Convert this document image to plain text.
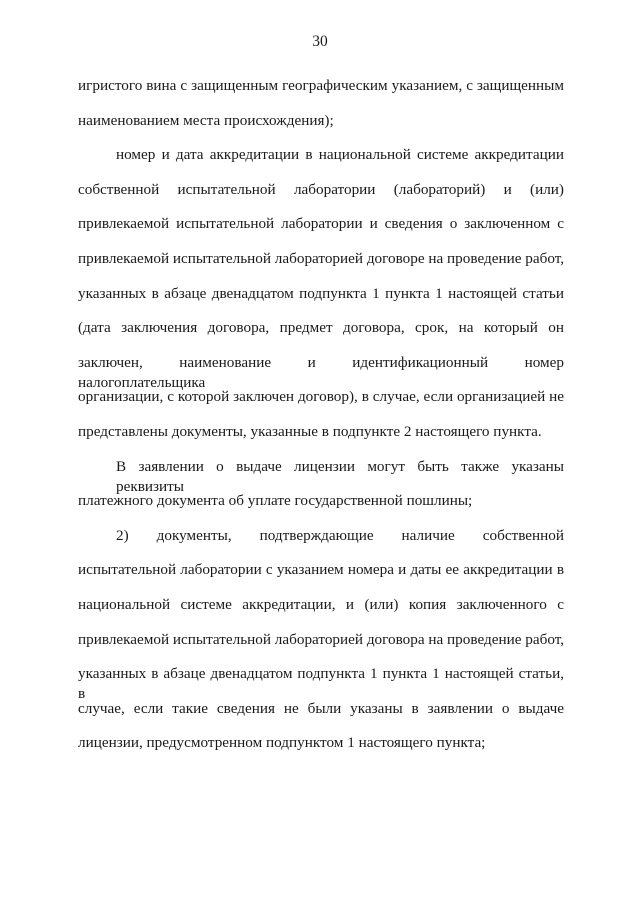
30
игристого вина с защищенным географическим указанием, с защищенным
наименованием места происхождения);
номер и дата аккредитации в национальной системе аккредитации
собственной испытательной лаборатории (лабораторий) и (или)
привлекаемой испытательной лаборатории и сведения о заключенном с
привлекаемой испытательной лабораторией договоре на проведение работ,
указанных в абзаце двенадцатом подпункта 1 пункта 1 настоящей статьи
(дата заключения договора, предмет договора, срок, на который он
заключен, наименование и идентификационный номер налогоплательщика
организации, с которой заключен договор), в случае, если организацией не
представлены документы, указанные в подпункте 2 настоящего пункта.
В заявлении о выдаче лицензии могут быть также указаны реквизиты
платежного документа об уплате государственной пошлины;
2) документы, подтверждающие наличие собственной
испытательной лаборатории с указанием номера и даты ее аккредитации в
национальной системе аккредитации, и (или) копия заключенного с
привлекаемой испытательной лабораторией договора на проведение работ,
указанных в абзаце двенадцатом подпункта 1 пункта 1 настоящей статьи, в
случае, если такие сведения не были указаны в заявлении о выдаче
лицензии, предусмотренном подпунктом 1 настоящего пункта;
